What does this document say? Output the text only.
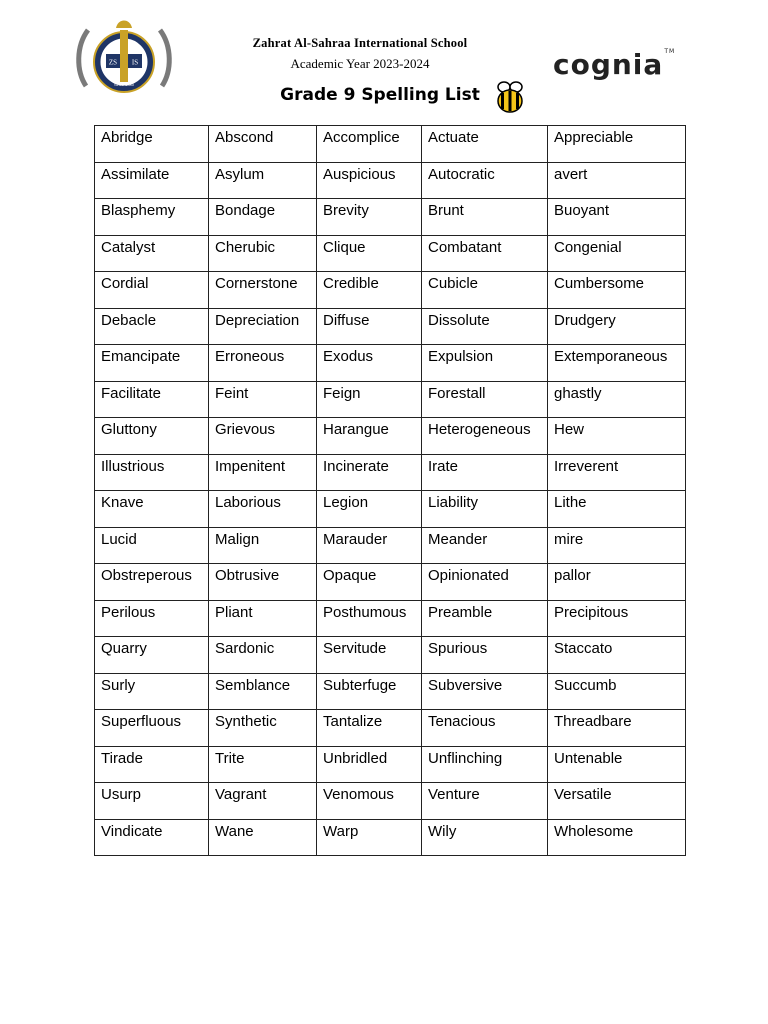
ZS IS
Since 1980
Zahrat Al-Sahraa International School
Academic Year 2023-2024	cognia™
Grade 9 Spelling List
Abridge	Abscond	Accomplice	Actuate	Appreciable
Assimilate	Asylum	Auspicious	Autocratic	avert
Blasphemy	Bondage	Brevity	Brunt	Buoyant
Catalyst	Cherubic	Clique	Combatant	Congenial
Cordial	Cornerstone	Credible	Cubicle	Cumbersome
Debacle	Depreciation	Diffuse	Dissolute	Drudgery
Emancipate	Erroneous	Exodus	Expulsion	Extemporaneous
Facilitate	Feint	Feign	Forestall	ghastly
Gluttony	Grievous	Harangue	Heterogeneous	Hew
Illustrious	Impenitent	Incinerate	Irate	Irreverent
Knave	Laborious	Legion	Liability	Lithe
Lucid	Malign	Marauder	Meander	mire
Obstreperous	Obtrusive	Opaque	Opinionated	pallor
Perilous	Pliant	Posthumous	Preamble	Precipitous
Quarry	Sardonic	Servitude	Spurious	Staccato
Surly	Semblance	Subterfuge	Subversive	Succumb
Superfluous	Synthetic	Tantalize	Tenacious	Threadbare
Tirade	Trite	Unbridled	Unflinching	Untenable
Usurp	Vagrant	Venomous	Venture	Versatile
Vindicate	Wane	Warp	Wily	Wholesome
